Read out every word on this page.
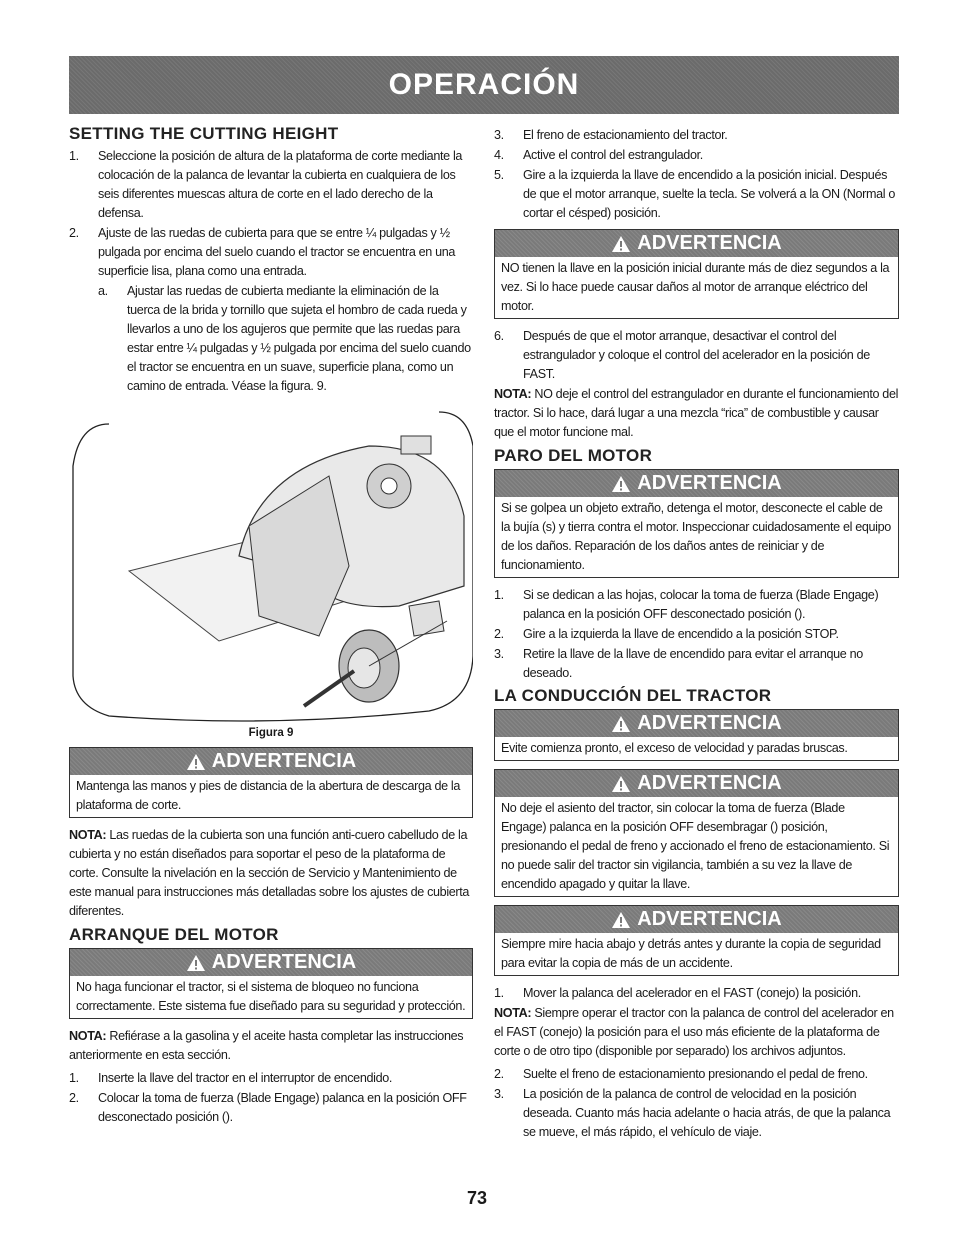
OPERACIÓN
SETTING THE CUTTING HEIGHT
1.	Seleccione la posición de altura de la plataforma de corte mediante la colocación de la palanca de levantar la cubierta en cualquiera de los seis diferentes muescas altura de corte en el lado derecho de la defensa.
2.	Ajuste de las ruedas de cubierta para que se entre ¼ pulgadas y ½ pulgada por encima del suelo cuando el tractor se encuentra en una superficie lisa, plana como una entrada.
a.	Ajustar las ruedas de cubierta mediante la eliminación de la tuerca de la brida y tornillo que sujeta el hombro de cada rueda y llevarlos a uno de los agujeros que permite que las ruedas para estar entre ¼ pulgadas y ½ pulgada por encima del suelo cuando el tractor se encuentra en un suave, superficie plana, como un camino de entrada. Véase la figura. 9.
Figura 9
ADVERTENCIA
Mantenga las manos y pies de distancia de la abertura de descarga de la plataforma de corte.

NOTA: Las ruedas de la cubierta son una función anti-cuero cabelludo de la cubierta y no están diseñados para soportar el peso de la plataforma de corte. Consulte la nivelación en la sección de Servicio y Mantenimiento de este manual para instrucciones más detalladas sobre los ajustes de cubierta diferentes.

ARRANQUE DEL MOTOR
ADVERTENCIA
No haga funcionar el tractor, si el sistema de bloqueo no funciona correctamente. Este sistema fue diseñado para su seguridad y protección.

NOTA: Refiérase a la gasolina y el aceite hasta completar las instrucciones anteriormente en esta sección.

1.	Inserte la llave del tractor en el interruptor de encendido.
2.	Colocar la toma de fuerza (Blade Engage) palanca en la posición OFF desconectado posición ().
3.	El freno de estacionamiento del tractor.
4.	Active el control del estrangulador.
5.	Gire a la izquierda la llave de encendido a la posición inicial. Después de que el motor arranque, suelte la tecla. Se volverá a la ON (Normal o cortar el césped) posición.
ADVERTENCIA
NO tienen la llave en la posición inicial durante más de diez segundos a la vez. Si lo hace puede causar daños al motor de arranque eléctrico del motor.
6.	Después de que el motor arranque, desactivar el control del estrangulador y coloque el control del acelerador en la posición de FAST.

NOTA: NO deje el control del estrangulador en durante el funcionamiento del tractor. Si lo hace, dará lugar a una mezcla “rica” de combustible y causar que el motor funcione mal.

PARO DEL MOTOR
ADVERTENCIA
Si se golpea un objeto extraño, detenga el motor, desconecte el cable de la bujía (s) y tierra contra el motor. Inspeccionar cuidadosamente el equipo de los daños. Reparación de los daños antes de reiniciar y de funcionamiento.
1.	Si se dedican a las hojas, colocar la toma de fuerza (Blade Engage) palanca en la posición OFF desconectado posición ().
2.	Gire a la izquierda la llave de encendido a la posición STOP.
3.	Retire la llave de la llave de encendido para evitar el arranque no deseado.
LA CONDUCCIÓN DEL TRACTOR
ADVERTENCIA
Evite comienza pronto, el exceso de velocidad y paradas bruscas.
ADVERTENCIA
No deje el asiento del tractor, sin colocar la toma de fuerza (Blade Engage) palanca en la posición OFF desembragar () posición, presionando el pedal de freno y accionado el freno de estacionamiento. Si no puede salir del tractor sin vigilancia, también a su vez la llave de encendido apagado y quitar la llave.
ADVERTENCIA
Siempre mire hacia abajo y detrás antes y durante la copia de seguridad para evitar la copia de más de un accidente.
1.	Mover la palanca del acelerador en el FAST (conejo) la posición.

NOTA: Siempre operar el tractor con la palanca de control del acelerador en el FAST (conejo) la posición para el uso más eficiente de la plataforma de corte o de otro tipo (disponible por separado) los archivos adjuntos.

2.	Suelte el freno de estacionamiento presionando el pedal de freno.
3.	La posición de la palanca de control de velocidad en la posición deseada. Cuanto más hacia adelante o hacia atrás, de que la palanca se mueve, el más rápido, el vehículo de viaje.
73
